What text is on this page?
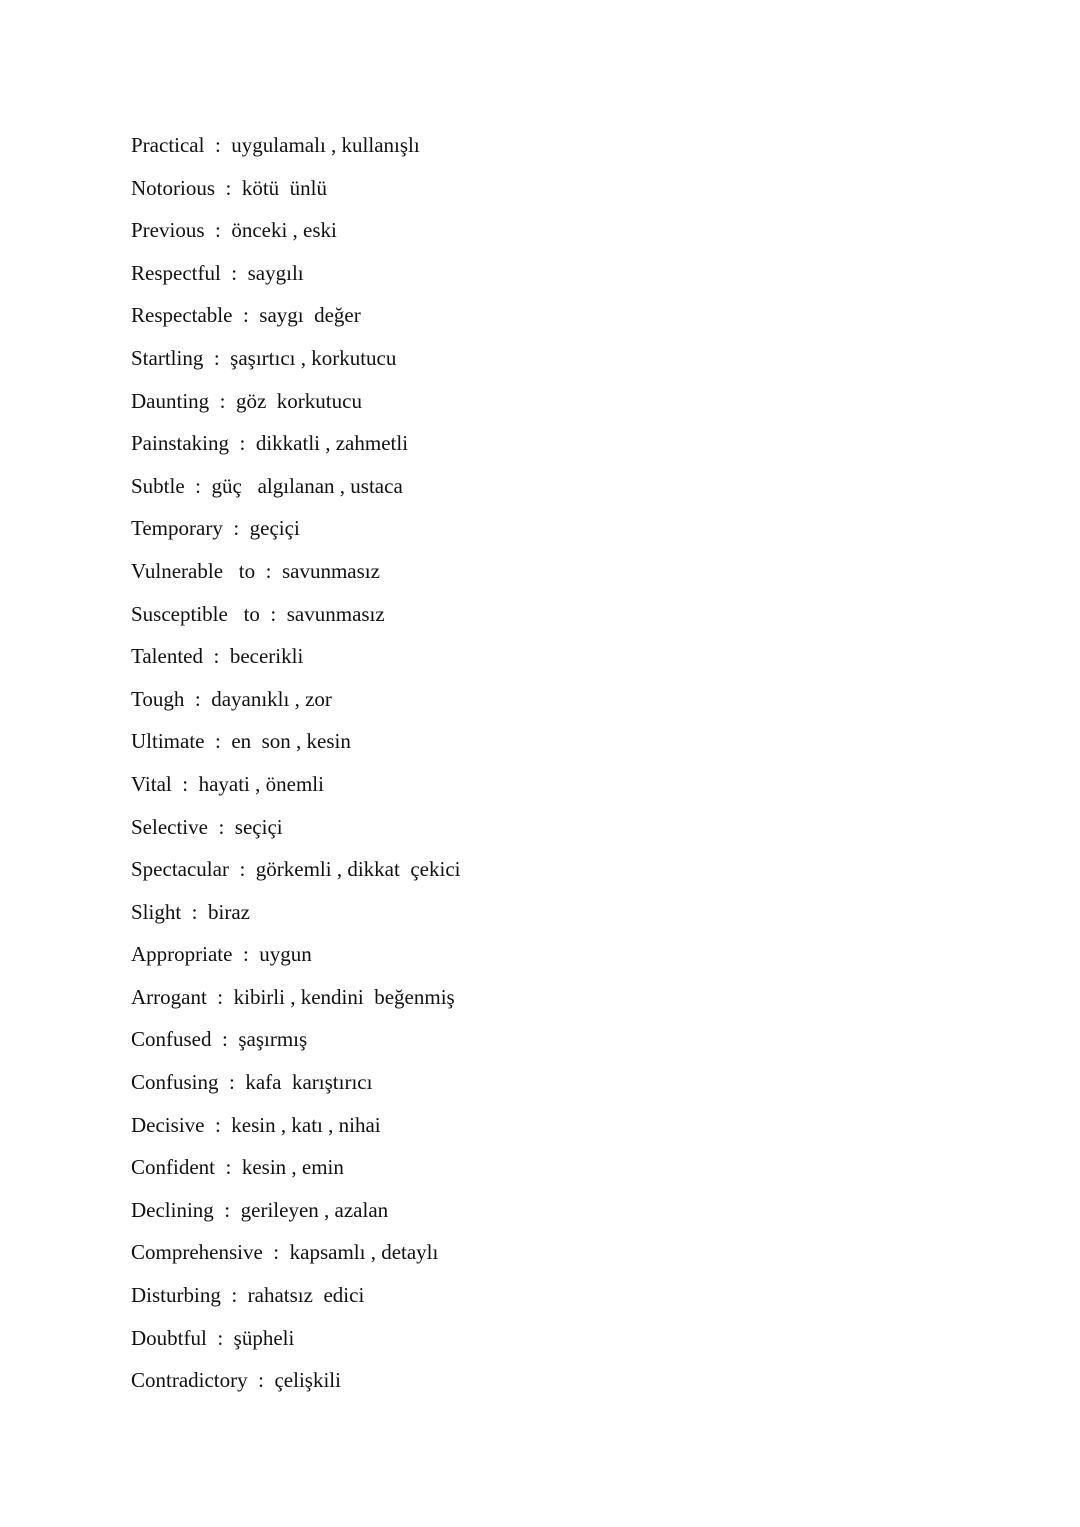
Practical  :  uygulamalı , kullanışlı
Notorious  :  kötü  ünlü
Previous  :  önceki , eski
Respectful  :  saygılı
Respectable  :  saygı  değer
Startling  :  şaşırtıcı , korkutucu
Daunting  :  göz  korkutucu
Painstaking  :  dikkatli , zahmetli
Subtle  :  güç   algılanan , ustaca
Temporary  :  geçiçi
Vulnerable   to  :  savunmasız
Susceptible   to  :  savunmasız
Talented  :  becerikli
Tough  :  dayanıklı , zor
Ultimate  :  en  son , kesin
Vital  :  hayati , önemli
Selective  :  seçiçi
Spectacular  :  görkemli , dikkat  çekici
Slight  :  biraz
Appropriate  :  uygun
Arrogant  :  kibirli , kendini  beğenmiş
Confused  :  şaşırmış
Confusing  :  kafa  karıştırıcı
Decisive  :  kesin , katı , nihai
Confident  :  kesin , emin
Declining  :  gerileyen , azalan
Comprehensive  :  kapsamlı , detaylı
Disturbing  :  rahatsız  edici
Doubtful  :  şüpheli
Contradictory  :  çelişkili
